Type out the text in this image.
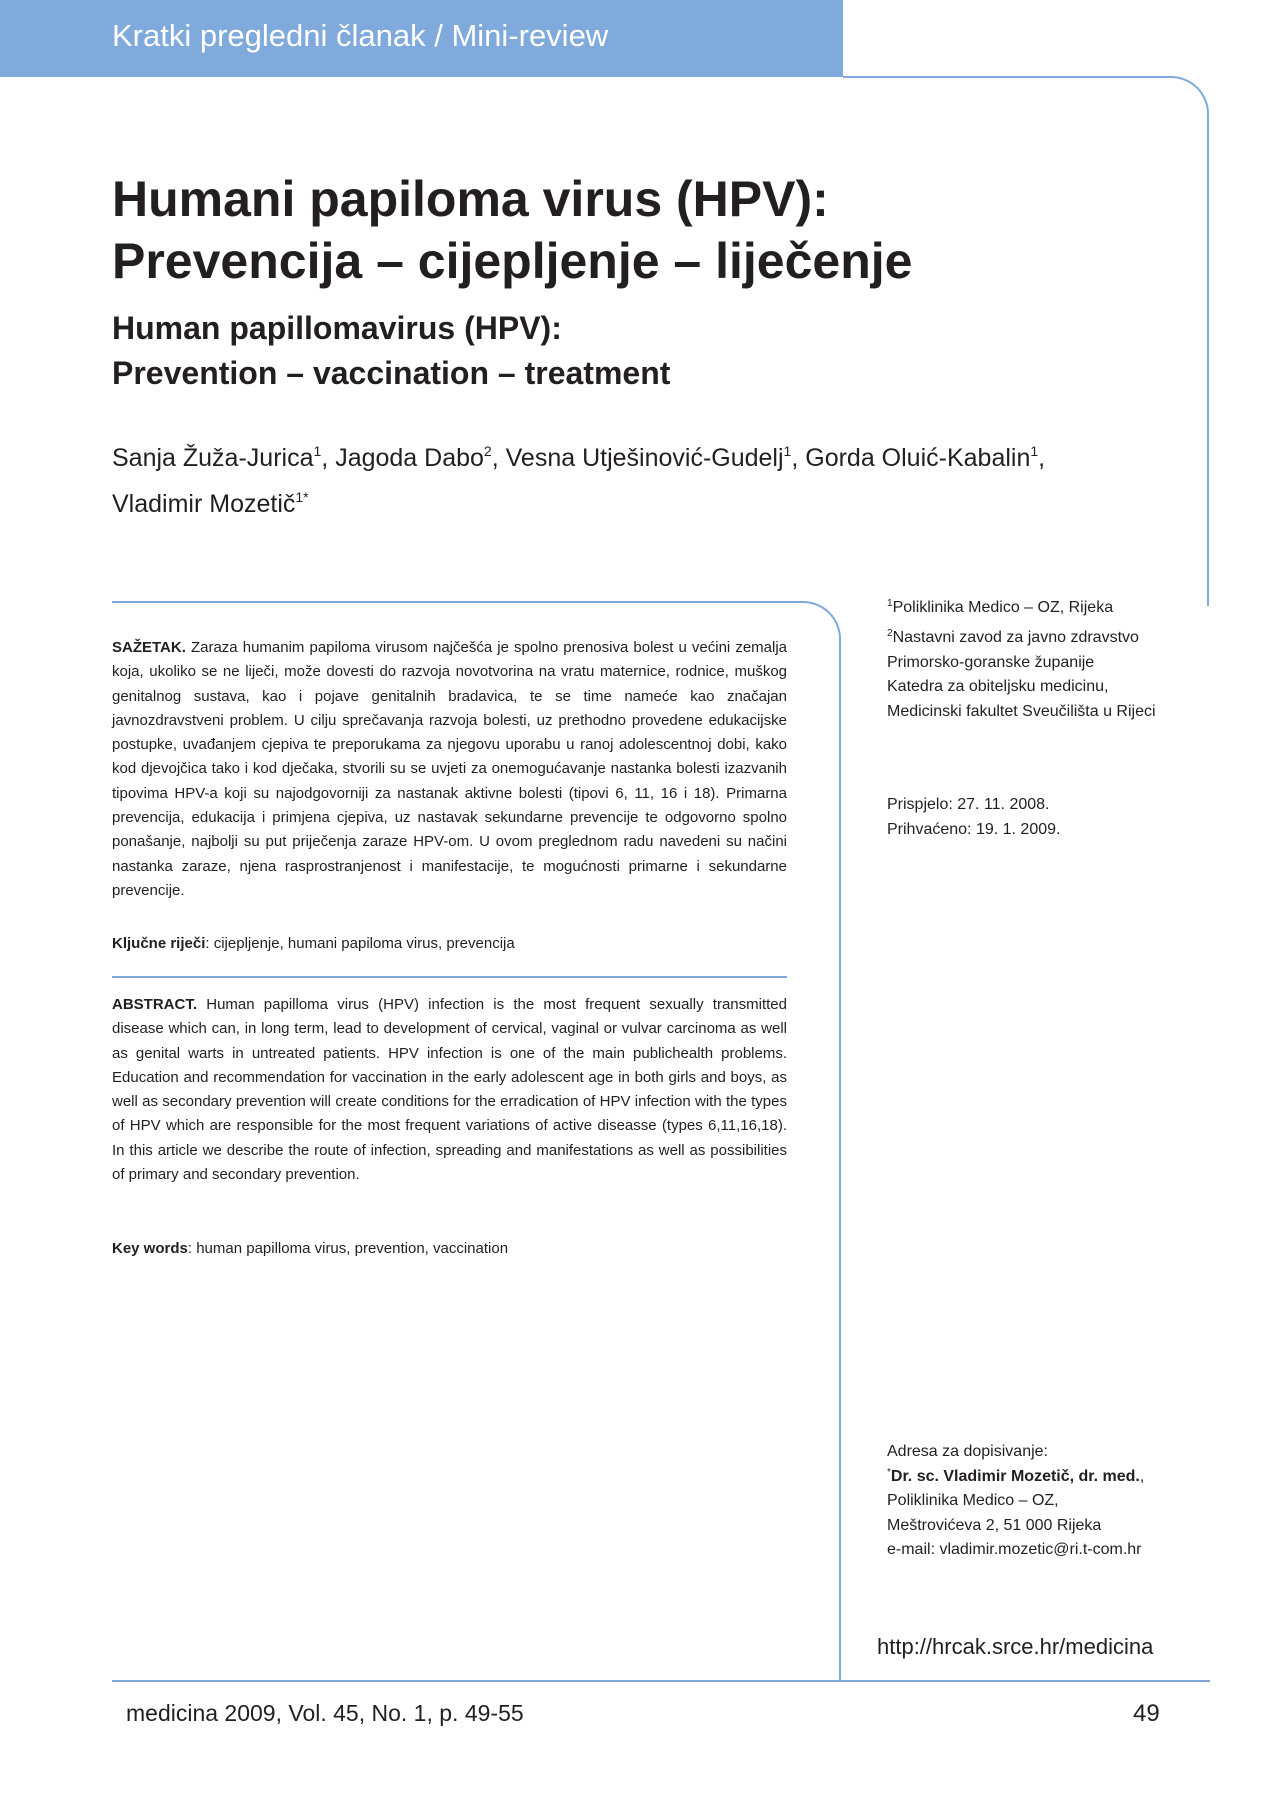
Kratki pregledni članak / Mini-review
Humani papiloma virus (HPV):
Prevencija – cijepljenje – liječenje
Human papillomavirus (HPV):
Prevention – vaccination – treatment
Sanja Žuža-Jurica$^1$, Jagoda Dabo$^2$, Vesna Utješinović-Gudelj$^1$, Gorda Oluić-Kabalin$^1$,
Vladimir Mozetič$^{1*}$
SAŽETAK. Zaraza humanim papiloma virusom najčešća je spolno prenosiva bolest u većini zemalja koja, ukoliko se ne liječi, može dovesti do razvoja novotvorina na vratu maternice, rodnice, muškog genitalnog sustava, kao i pojave genitalnih bradavica, te se time nameće kao značajan javnozdravstveni problem. U cilju sprečavanja razvoja bolesti, uz prethodno provedene edukacijske postupke, uvađanjem cjepiva te preporukama za njegovu uporabu u ranoj adolescentnoj dobi, kako kod djevojčica tako i kod dječaka, stvorili su se uvjeti za onemogućavanje nastanka bolesti izazvanih tipovima HPV-a koji su najodgovorniji za nastanak aktivne bolesti (tipovi 6, 11, 16 i 18). Primarna prevencija, edukacija i primjena cjepiva, uz nastavak sekundarne prevencije te odgovorno spolno ponašanje, najbolji su put priječenja zaraze HPV-om. U ovom preglednom radu navedeni su načini nastanka zaraze, njena rasprostranjenost i manifestacije, te mogućnosti primarne i sekundarne prevencije.
Ključne riječi: cijepljenje, humani papiloma virus, prevencija
ABSTRACT. Human papilloma virus (HPV) infection is the most frequent sexually transmitted disease which can, in long term, lead to development of cervical, vaginal or vulvar carcinoma as well as genital warts in untreated patients. HPV infection is one of the main publichealth problems. Education and recommendation for vaccination in the early adolescent age in both girls and boys, as well as secondary prevention will create conditions for the erradication of HPV infection with the types of HPV which are responsible for the most frequent variations of active diseasse (types 6,11,16,18). In this article we describe the route of infection, spreading and manifestations as well as possibilities of primary and secondary prevention.
Key words: human papilloma virus, prevention, vaccination
$^1$Poliklinika Medico – OZ, Rijeka
$^2$Nastavni zavod za javno zdravstvo
Primorsko-goranske županije
Katedra za obiteljsku medicinu,
Medicinski fakultet Sveučilišta u Rijeci
Prispjelo: 27. 11. 2008.
Prihvaćeno: 19. 1. 2009.
Adresa za dopisivanje:
*Dr. sc. Vladimir Mozetič, dr. med.,
Poliklinika Medico – OZ,
Meštrovićeva 2, 51 000 Rijeka
e-mail: vladimir.mozetic@ri.t-com.hr
http://hrcak.srce.hr/medicina
medicina 2009, Vol. 45, No. 1, p. 49-55	49
